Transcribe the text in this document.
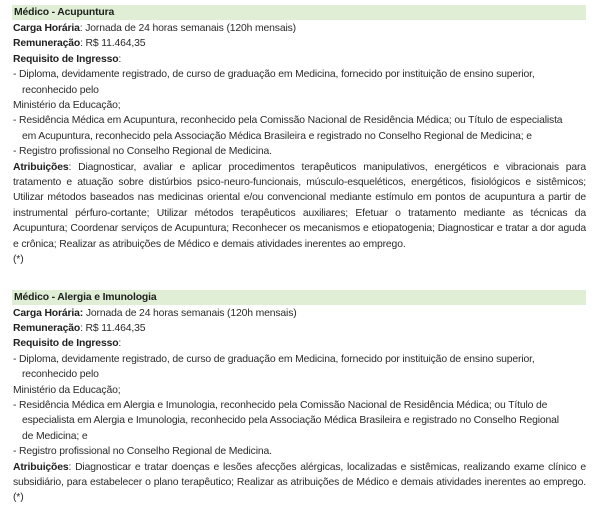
Médico - Acupuntura
Carga Horária: Jornada de 24 horas semanais (120h mensais)
Remuneração: R$ 11.464,35
Requisito de Ingresso:
- Diploma, devidamente registrado, de curso de graduação em Medicina, fornecido por instituição de ensino superior,
reconhecido pelo
Ministério da Educação;
- Residência Médica em Acupuntura, reconhecido pela Comissão Nacional de Residência Médica; ou Título de especialista
em Acupuntura, reconhecido pela Associação Médica Brasileira e registrado no Conselho Regional de Medicina; e
- Registro profissional no Conselho Regional de Medicina.
Atribuições: Diagnosticar, avaliar e aplicar procedimentos terapêuticos manipulativos, energéticos e vibracionais para tratamento e atuação sobre distúrbios psico-neuro-funcionais, músculo-esqueléticos, energéticos, fisiológicos e sistêmicos; Utilizar métodos baseados nas medicinas oriental e/ou convencional mediante estímulo em pontos de acupuntura a partir de instrumental pérfuro-cortante; Utilizar métodos terapêuticos auxiliares; Efetuar o tratamento mediante as técnicas da Acupuntura; Coordenar serviços de Acupuntura; Reconhecer os mecanismos e etiopatogenia; Diagnosticar e tratar a dor aguda e crônica; Realizar as atribuições de Médico e demais atividades inerentes ao emprego.
(*)
Médico - Alergia e Imunologia
Carga Horária: Jornada de 24 horas semanais (120h mensais)
Remuneração: R$ 11.464,35
Requisito de Ingresso:
- Diploma, devidamente registrado, de curso de graduação em Medicina, fornecido por instituição de ensino superior,
reconhecido pelo
Ministério da Educação;
- Residência Médica em Alergia e Imunologia, reconhecido pela Comissão Nacional de Residência Médica; ou Título de
especialista em Alergia e Imunologia, reconhecido pela Associação Médica Brasileira e registrado no Conselho Regional
de Medicina; e
- Registro profissional no Conselho Regional de Medicina.
Atribuições: Diagnosticar e tratar doenças e lesões afecções alérgicas, localizadas e sistêmicas, realizando exame clínico e subsidiário, para estabelecer o plano terapêutico; Realizar as atribuições de Médico e demais atividades inerentes ao emprego. (*)
